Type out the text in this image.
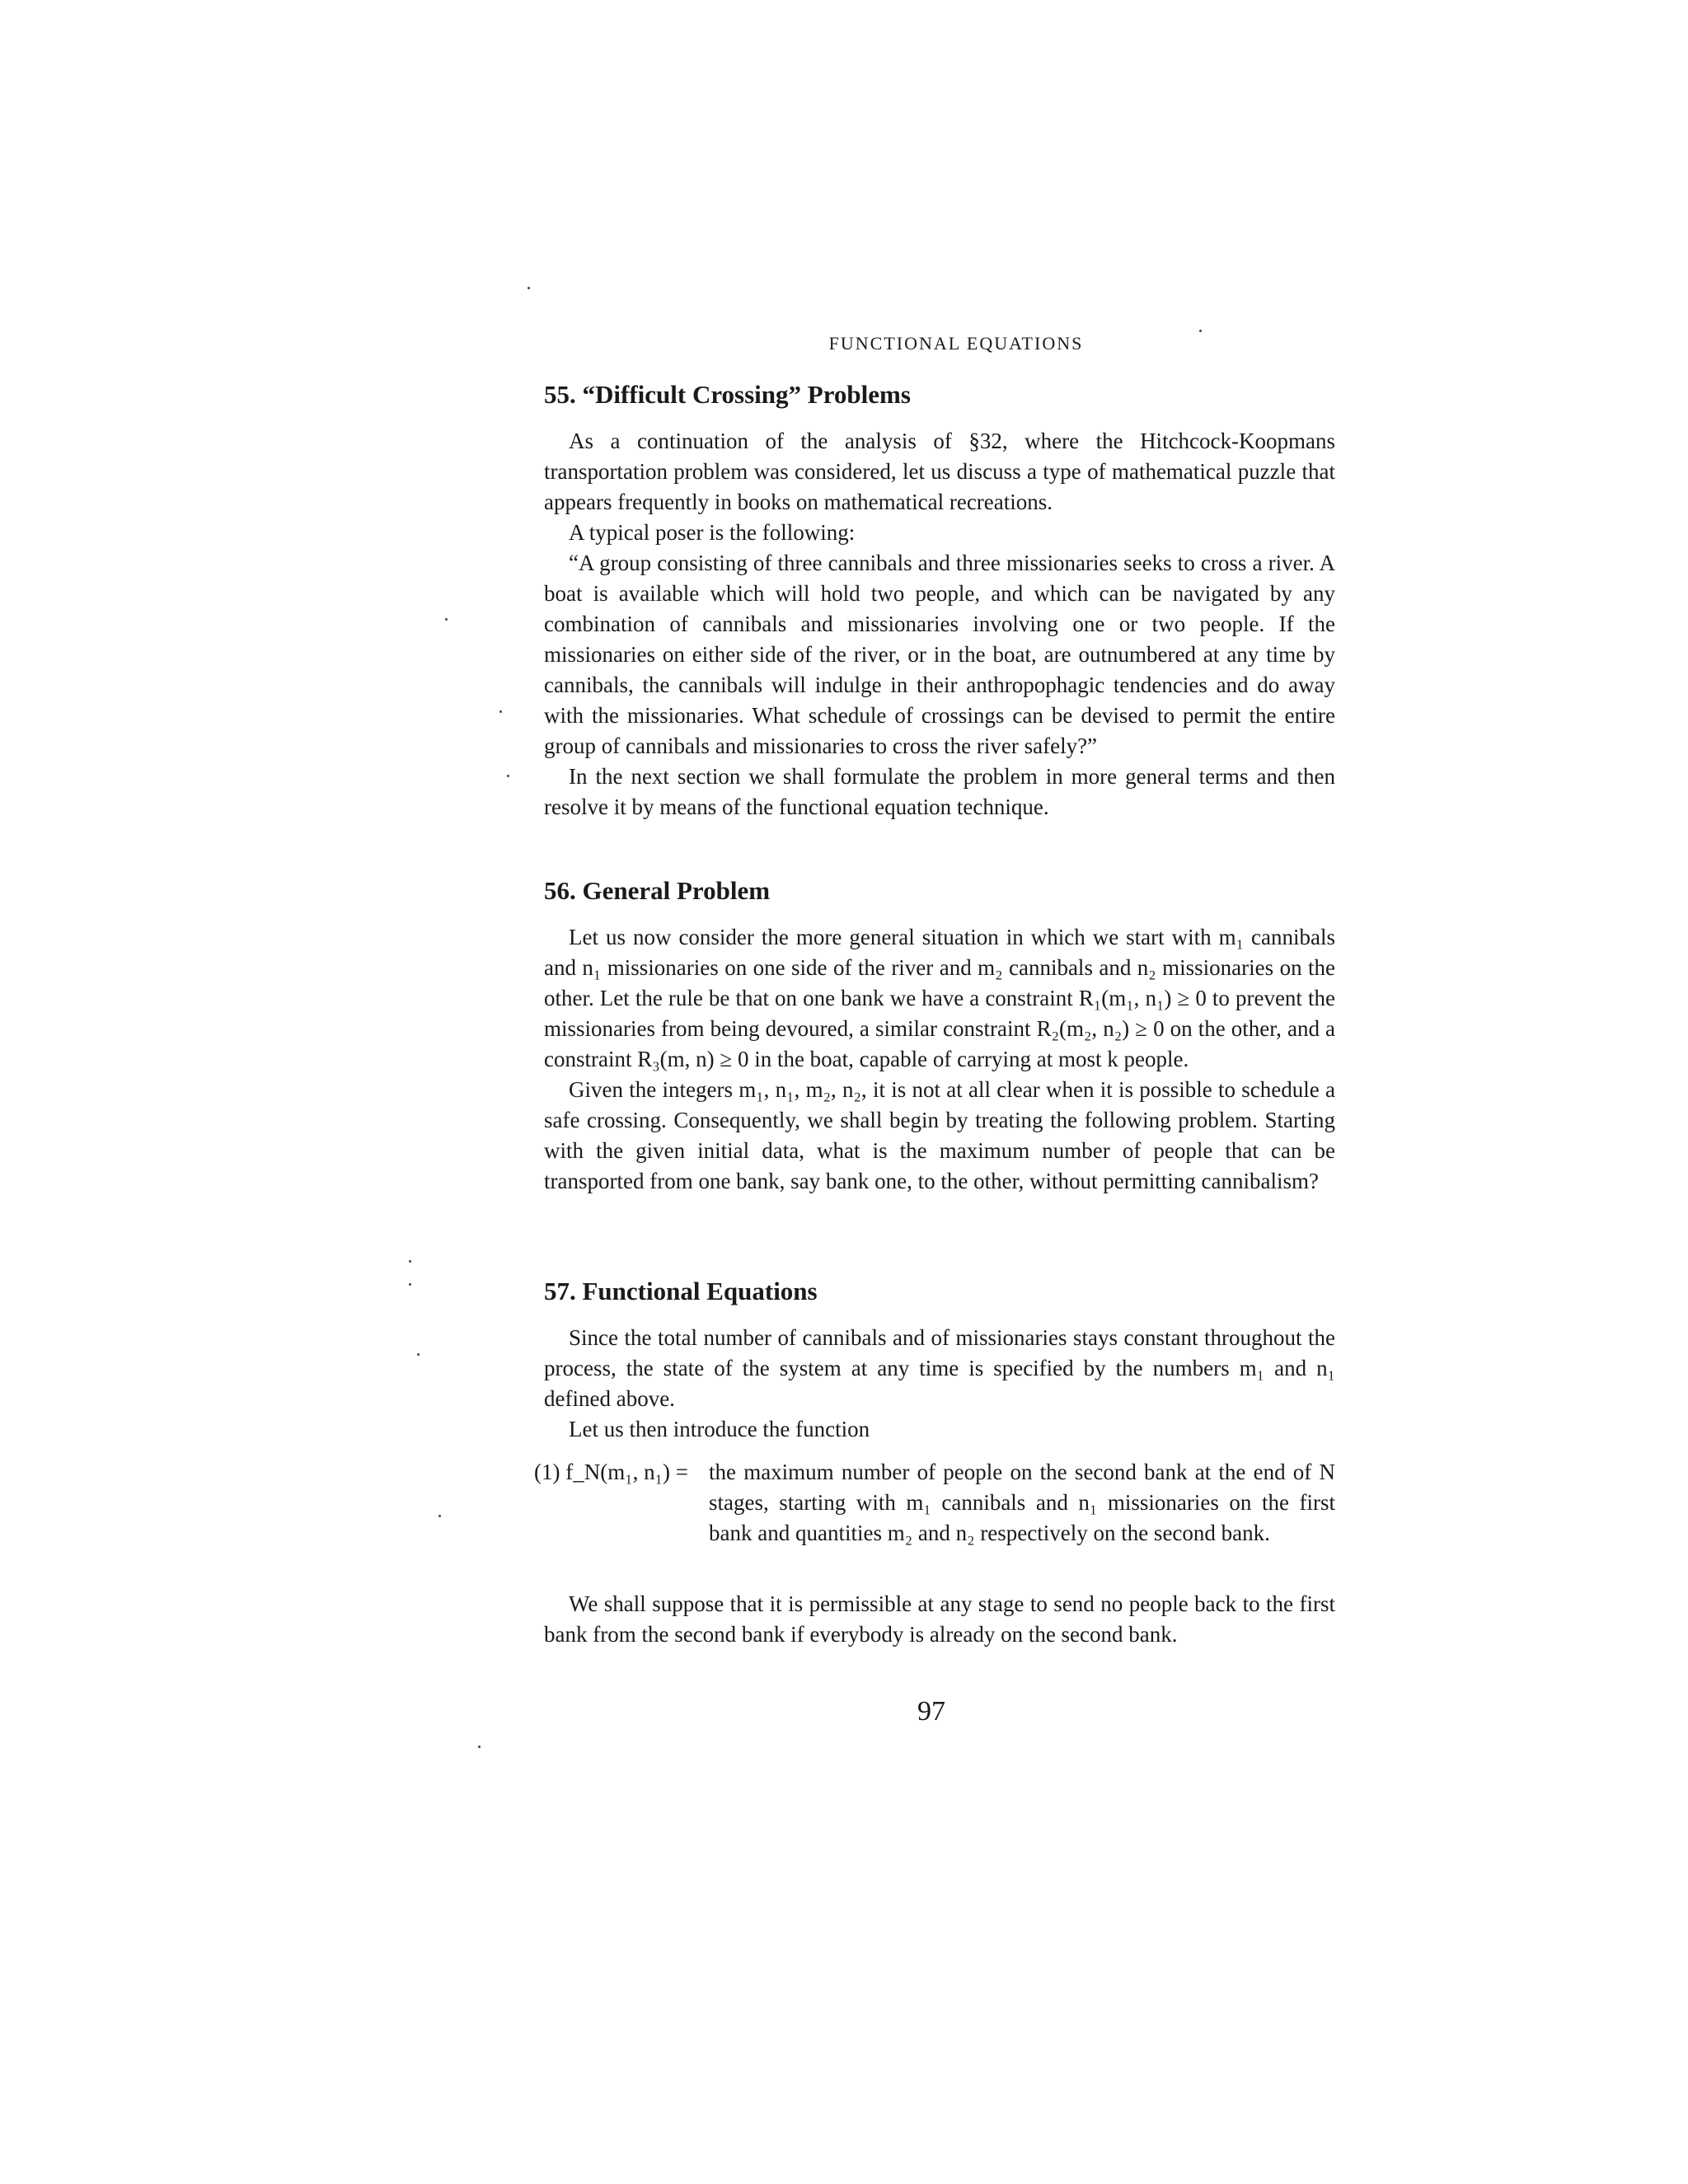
FUNCTIONAL EQUATIONS
55. “Difficult Crossing” Problems

As a continuation of the analysis of §32, where the Hitchcock-Koopmans transportation problem was considered, let us discuss a type of mathematical puzzle that appears frequently in books on mathematical recreations.

A typical poser is the following:

“A group consisting of three cannibals and three missionaries seeks to cross a river. A boat is available which will hold two people, and which can be navigated by any combination of cannibals and missionaries involving one or two people. If the missionaries on either side of the river, or in the boat, are outnumbered at any time by cannibals, the cannibals will indulge in their anthropophagic tendencies and do away with the missionaries. What schedule of crossings can be devised to permit the entire group of cannibals and missionaries to cross the river safely?”

In the next section we shall formulate the problem in more general terms and then resolve it by means of the functional equation technique.

56. General Problem

Let us now consider the more general situation in which we start with m₁ cannibals and n₁ missionaries on one side of the river and m₂ cannibals and n₂ missionaries on the other. Let the rule be that on one bank we have a constraint R₁(m₁, n₁) ≥ 0 to prevent the missionaries from being devoured, a similar constraint R₂(m₂, n₂) ≥ 0 on the other, and a constraint R₃(m, n) ≥ 0 in the boat, capable of carrying at most k people.

Given the integers m₁, n₁, m₂, n₂, it is not at all clear when it is possible to schedule a safe crossing. Consequently, we shall begin by treating the following problem. Starting with the given initial data, what is the maximum number of people that can be transported from one bank, say bank one, to the other, without permitting cannibalism?

57. Functional Equations

Since the total number of cannibals and of missionaries stays constant throughout the process, the state of the system at any time is specified by the numbers m₁ and n₁ defined above.

Let us then introduce the function

(1) f_N(m₁, n₁) = the maximum number of people on the second bank at the end of N stages, starting with m₁ cannibals and n₁ missionaries on the first bank and quantities m₂ and n₂ respectively on the second bank.

We shall suppose that it is permissible at any stage to send no people back to the first bank from the second bank if everybody is already on the second bank.

97
